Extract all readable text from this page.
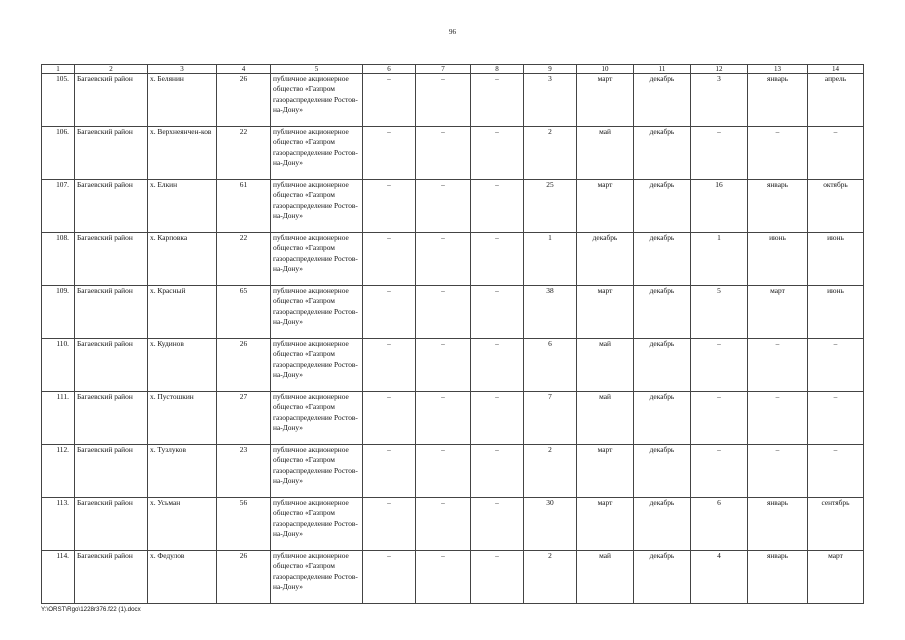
96
1	2	3	4	5	6	7	8	9	10	11	12	13	14
105.	Багаевский район	х. Белянин	26	публичное акционерное общество «Газпром газораспределение Ростов-на-Дону»	–	–	–	3	март	декабрь	3	январь	апрель
106.	Багаевский район	х. Верхнеянчен-ков	22	публичное акционерное общество «Газпром газораспределение Ростов-на-Дону»	–	–	–	2	май	декабрь	–	–	–
107.	Багаевский район	х. Елкин	61	публичное акционерное общество «Газпром газораспределение Ростов-на-Дону»	–	–	–	25	март	декабрь	16	январь	октябрь
108.	Багаевский район	х. Карповка	22	публичное акционерное общество «Газпром газораспределение Ростов-на-Дону»	–	–	–	1	декабрь	декабрь	1	июнь	июнь
109.	Багаевский район	х. Красный	65	публичное акционерное общество «Газпром газораспределение Ростов-на-Дону»	–	–	–	38	март	декабрь	5	март	июнь
110.	Багаевский район	х. Кудинов	26	публичное акционерное общество «Газпром газораспределение Ростов-на-Дону»	–	–	–	6	май	декабрь	–	–	–
111.	Багаевский район	х. Пустошкин	27	публичное акционерное общество «Газпром газораспределение Ростов-на-Дону»	–	–	–	7	май	декабрь	–	–	–
112.	Багаевский район	х. Тузлуков	23	публичное акционерное общество «Газпром газораспределение Ростов-на-Дону»	–	–	–	2	март	декабрь	–	–	–
113.	Багаевский район	х. Усьман	56	публичное акционерное общество «Газпром газораспределение Ростов-на-Дону»	–	–	–	30	март	декабрь	6	январь	сентябрь
114.	Багаевский район	х. Федулов	26	публичное акционерное общество «Газпром газораспределение Ростов-на-Дону»	–	–	–	2	май	декабрь	4	январь	март
Y:\ORST\Rgo\1228r376.f22 (1).docx
